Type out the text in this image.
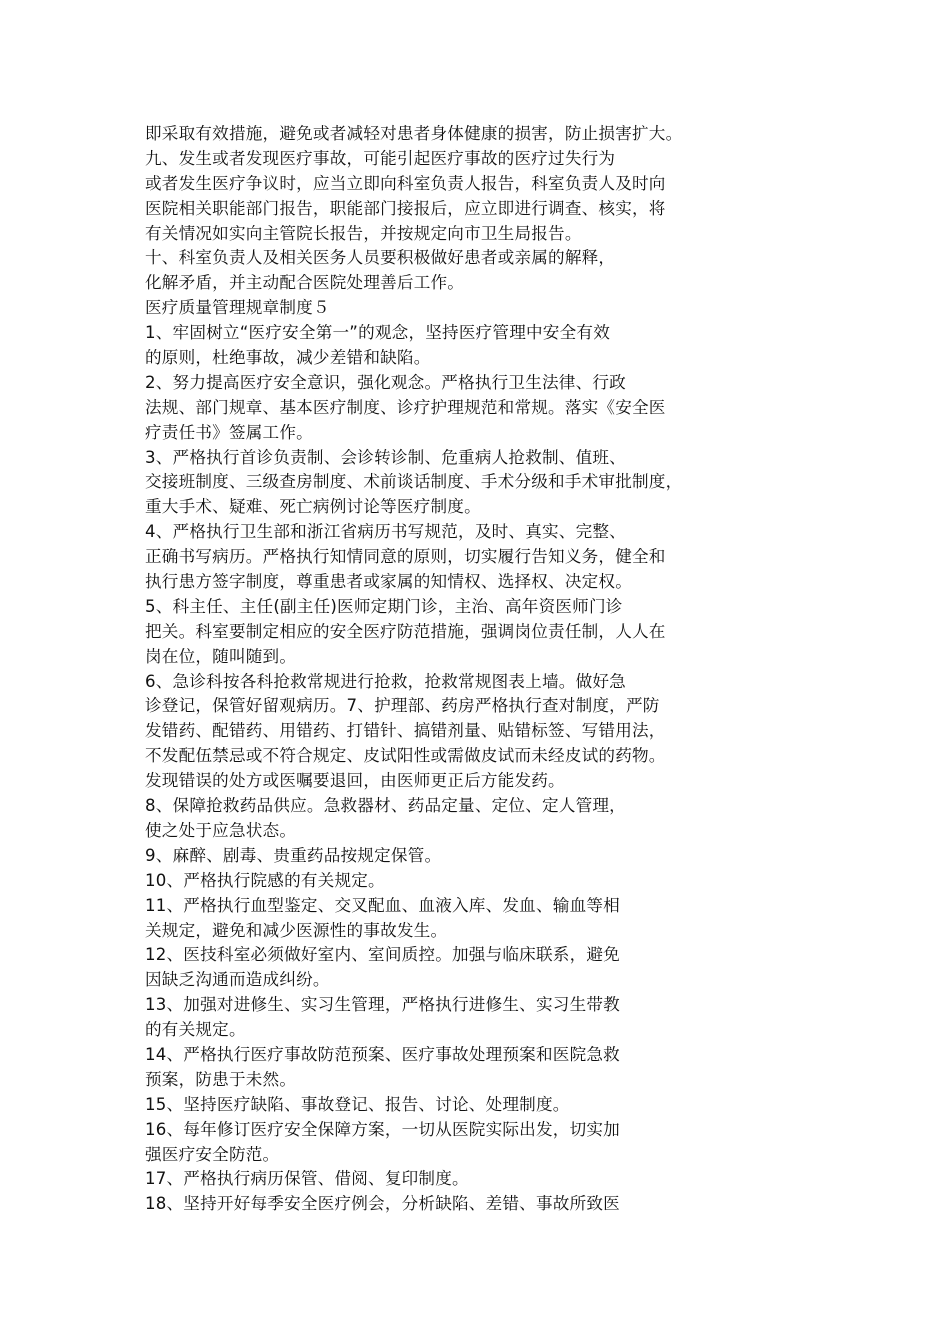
即采取有效措施，避免或者减轻对患者身体健康的损害，防止损害扩大。
九、发生或者发现医疗事故，可能引起医疗事故的医疗过失行为
或者发生医疗争议时，应当立即向科室负责人报告，科室负责人及时向
医院相关职能部门报告，职能部门接报后，应立即进行调查、核实，将
有关情况如实向主管院长报告，并按规定向市卫生局报告。
十、科室负责人及相关医务人员要积极做好患者或亲属的解释，
化解矛盾，并主动配合医院处理善后工作。
医疗质量管理规章制度５
1、牢固树立“医疗安全第一”的观念，坚持医疗管理中安全有效
的原则，杜绝事故，减少差错和缺陷。
2、努力提高医疗安全意识，强化观念。严格执行卫生法律、行政
法规、部门规章、基本医疗制度、诊疗护理规范和常规。落实《安全医
疗责任书》签属工作。
3、严格执行首诊负责制、会诊转诊制、危重病人抢救制、值班、
交接班制度、三级查房制度、术前谈话制度、手术分级和手术审批制度，
重大手术、疑难、死亡病例讨论等医疗制度。
4、严格执行卫生部和浙江省病历书写规范，及时、真实、完整、
正确书写病历。严格执行知情同意的原则，切实履行告知义务，健全和
执行患方签字制度，尊重患者或家属的知情权、选择权、决定权。
5、科主任、主任(副主任)医师定期门诊，主治、高年资医师门诊
把关。科室要制定相应的安全医疗防范措施，强调岗位责任制，人人在
岗在位，随叫随到。
6、急诊科按各科抢救常规进行抢救，抢救常规图表上墙。做好急
诊登记，保管好留观病历。7、护理部、药房严格执行查对制度，严防
发错药、配错药、用错药、打错针、搞错剂量、贴错标签、写错用法，
不发配伍禁忌或不符合规定、皮试阳性或需做皮试而未经皮试的药物。
发现错误的处方或医嘱要退回，由医师更正后方能发药。
8、保障抢救药品供应。急救器材、药品定量、定位、定人管理，
使之处于应急状态。
9、麻醉、剧毒、贵重药品按规定保管。
10、严格执行院感的有关规定。
11、严格执行血型鉴定、交叉配血、血液入库、发血、输血等相
关规定，避免和减少医源性的事故发生。
12、医技科室必须做好室内、室间质控。加强与临床联系，避免
因缺乏沟通而造成纠纷。
13、加强对进修生、实习生管理，严格执行进修生、实习生带教
的有关规定。
14、严格执行医疗事故防范预案、医疗事故处理预案和医院急救
预案，防患于未然。
15、坚持医疗缺陷、事故登记、报告、讨论、处理制度。
16、每年修订医疗安全保障方案，一切从医院实际出发，切实加
强医疗安全防范。
17、严格执行病历保管、借阅、复印制度。
18、坚持开好每季安全医疗例会，分析缺陷、差错、事故所致医
